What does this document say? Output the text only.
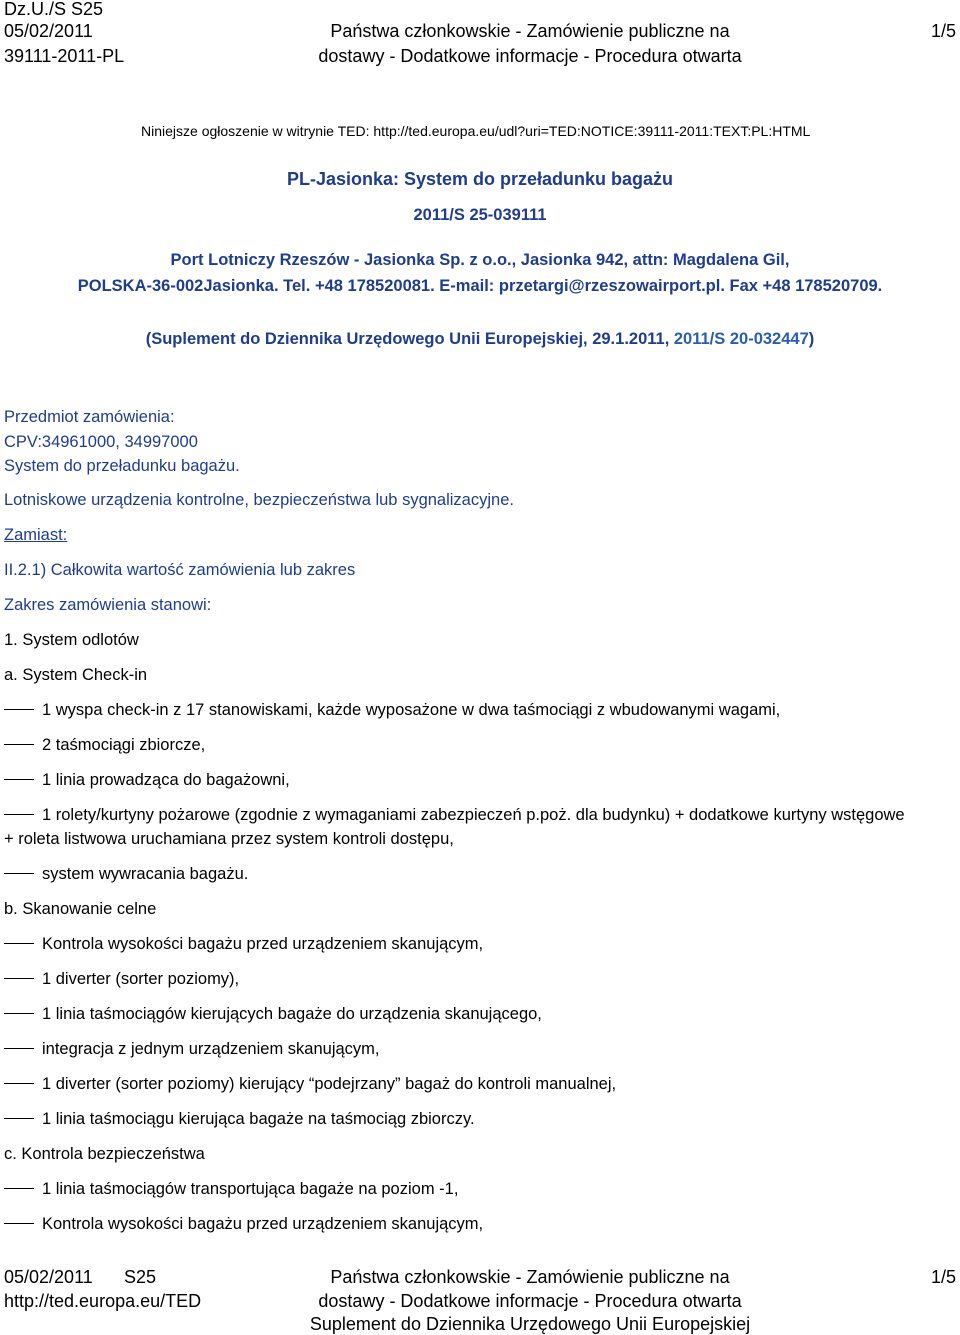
Dz.U./S S25
05/02/2011
39111-2011-PL
Państwa członkowskie - Zamówienie publiczne na
dostawy - Dodatkowe informacje - Procedura otwarta
1/5
Niniejsze ogłoszenie w witrynie TED: http://ted.europa.eu/udl?uri=TED:NOTICE:39111-2011:TEXT:PL:HTML
PL-Jasionka: System do przeładunku bagażu
2011/S 25-039111
Port Lotniczy Rzeszów - Jasionka Sp. z o.o., Jasionka 942, attn: Magdalena Gil,
POLSKA-36-002Jasionka. Tel. +48 178520081. E-mail: przetargi@rzeszowairport.pl. Fax +48 178520709.
(Suplement do Dziennika Urzędowego Unii Europejskiej, 29.1.2011, 2011/S 20-032447)
Przedmiot zamówienia:
CPV:34961000, 34997000
System do przeładunku bagażu.
Lotniskowe urządzenia kontrolne, bezpieczeństwa lub sygnalizacyjne.
Zamiast:
II.2.1) Całkowita wartość zamówienia lub zakres
Zakres zamówienia stanowi:
1. System odlotów
a. System Check-in
1 wyspa check-in z 17 stanowiskami, każde wyposażone w dwa taśmociągi z wbudowanymi wagami,
2 taśmociągi zbiorcze,
1 linia prowadząca do bagażowni,
1 rolety/kurtyny pożarowe (zgodnie z wymaganiami zabezpieczeń p.poż. dla budynku) + dodatkowe kurtyny wstęgowe
+ roleta listwowa uruchamiana przez system kontroli dostępu,
system wywracania bagażu.
b. Skanowanie celne
Kontrola wysokości bagażu przed urządzeniem skanującym,
1 diverter (sorter poziomy),
1 linia taśmociągów kierujących bagaże do urządzenia skanującego,
integracja z jednym urządzeniem skanującym,
1 diverter (sorter poziomy) kierujący “podejrzany” bagaż do kontroli manualnej,
1 linia taśmociągu kierująca bagaże na taśmociąg zbiorczy.
c. Kontrola bezpieczeństwa
1 linia taśmociągów transportująca bagaże na poziom -1,
Kontrola wysokości bagażu przed urządzeniem skanującym,
05/02/2011 S25
http://ted.europa.eu/TED
Państwa członkowskie - Zamówienie publiczne na
dostawy - Dodatkowe informacje - Procedura otwarta
Suplement do Dziennika Urzędowego Unii Europejskiej
1/5
